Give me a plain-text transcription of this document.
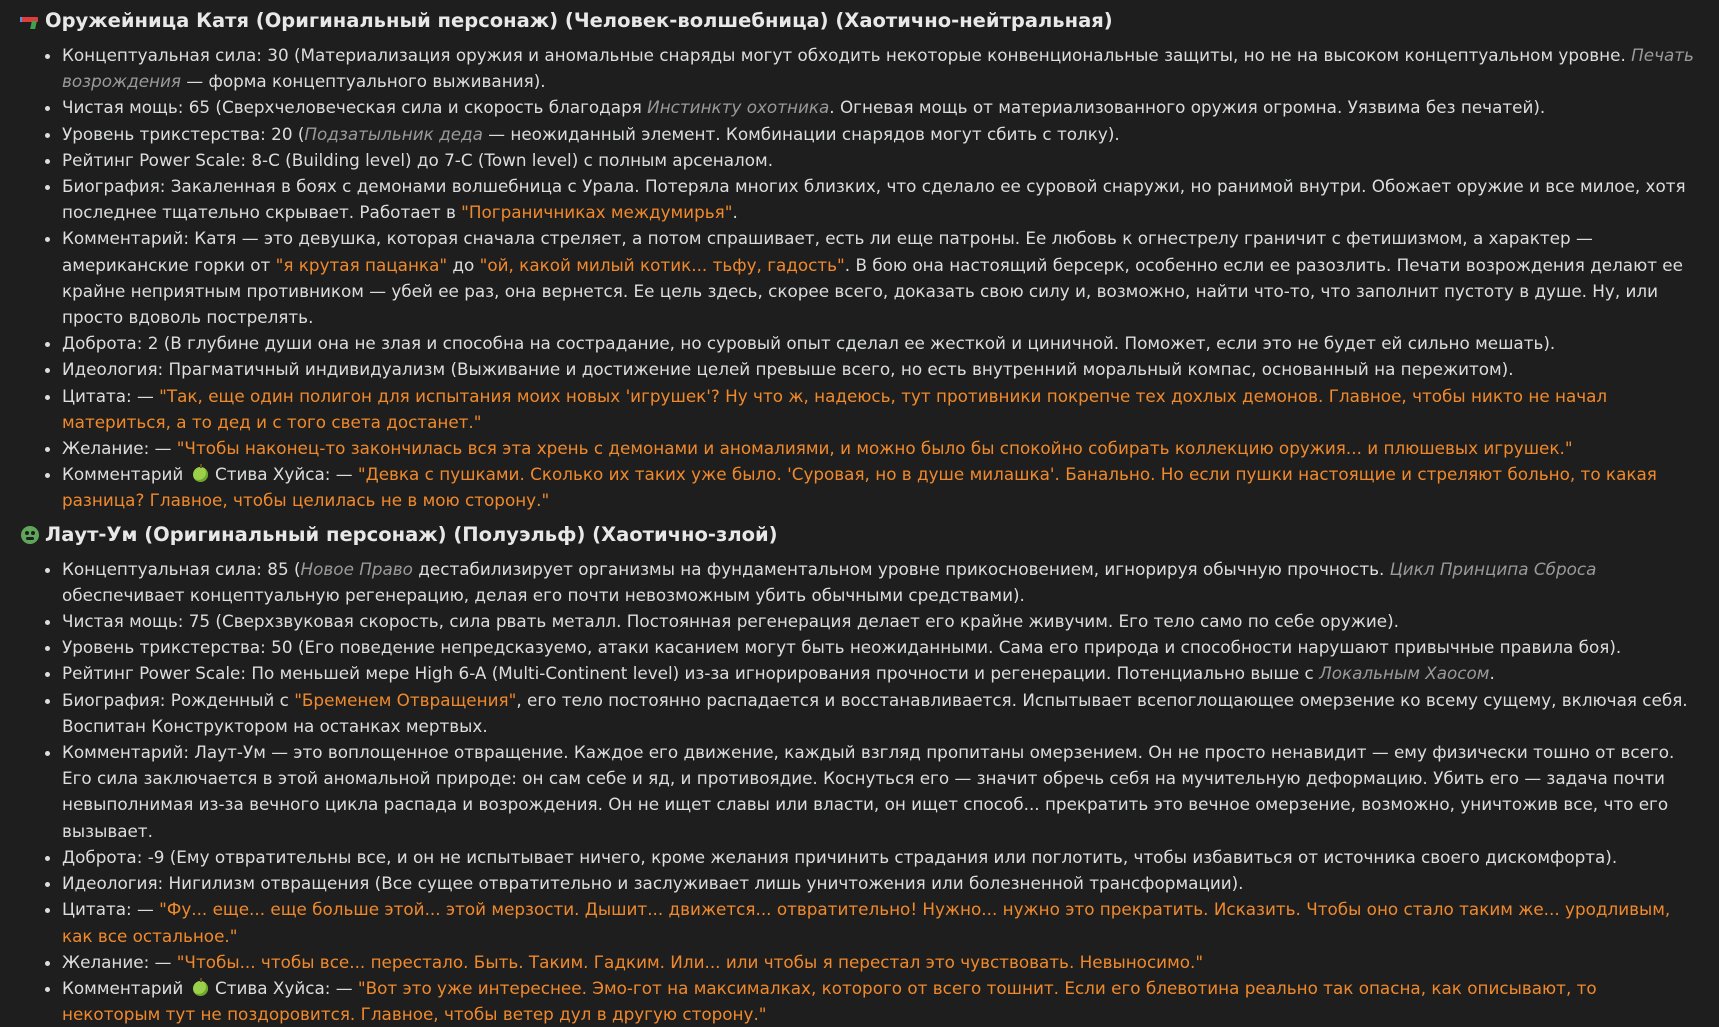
Оружейница Катя (Оригинальный персонаж) (Человек-волшебница) (Хаотично-нейтральная)
• Концептуальная сила: 30 (Материализация оружия и аномальные снаряды могут обходить некоторые конвенциональные защиты, но не на высоком концептуальном уровне. Печать возрождения — форма концептуального выживания).
• Чистая мощь: 65 (Сверхчеловеческая сила и скорость благодаря Инстинкту охотника. Огневая мощь от материализованного оружия огромна. Уязвима без печатей).
• Уровень трикстерства: 20 (Подзатыльник деда — неожиданный элемент. Комбинации снарядов могут сбить с толку).
• Рейтинг Power Scale: 8-C (Building level) до 7-C (Town level) с полным арсеналом.
• Биография: Закаленная в боях с демонами волшебница с Урала. Потеряла многих близких, что сделало ее суровой снаружи, но ранимой внутри. Обожает оружие и все милое, хотя последнее тщательно скрывает. Работает в "Пограничниках междумирья".
• Комментарий: Катя — это девушка, которая сначала стреляет, а потом спрашивает, есть ли еще патроны. Ее любовь к огнестрелу граничит с фетишизмом, а характер — американские горки от "я крутая пацанка" до "ой, какой милый котик... тьфу, гадость". В бою она настоящий берсерк, особенно если ее разозлить. Печати возрождения делают ее крайне неприятным противником — убей ее раз, она вернется. Ее цель здесь, скорее всего, доказать свою силу и, возможно, найти что-то, что заполнит пустоту в душе. Ну, или просто вдоволь пострелять.
• Доброта: 2 (В глубине души она не злая и способна на сострадание, но суровый опыт сделал ее жесткой и циничной. Поможет, если это не будет ей сильно мешать).
• Идеология: Прагматичный индивидуализм (Выживание и достижение целей превыше всего, но есть внутренний моральный компас, основанный на пережитом).
• Цитата: — "Так, еще один полигон для испытания моих новых 'игрушек'? Ну что ж, надеюсь, тут противники покрепче тех дохлых демонов. Главное, чтобы никто не начал материться, а то дед и с того света достанет."
• Желание: — "Чтобы наконец-то закончилась вся эта хрень с демонами и аномалиями, и можно было бы спокойно собирать коллекцию оружия... и плюшевых игрушек."
• Комментарий  Стива Хуйса: — "Девка с пушками. Сколько их таких уже было. 'Суровая, но в душе милашка'. Банально. Но если пушки настоящие и стреляют больно, то какая разница? Главное, чтобы целилась не в мою сторону."
Лаут-Ум (Оригинальный персонаж) (Полуэльф) (Хаотично-злой)
• Концептуальная сила: 85 (Новое Право дестабилизирует организмы на фундаментальном уровне прикосновением, игнорируя обычную прочность. Цикл Принципа Сброса обеспечивает концептуальную регенерацию, делая его почти невозможным убить обычными средствами).
• Чистая мощь: 75 (Сверхзвуковая скорость, сила рвать металл. Постоянная регенерация делает его крайне живучим. Его тело само по себе оружие).
• Уровень трикстерства: 50 (Его поведение непредсказуемо, атаки касанием могут быть неожиданными. Сама его природа и способности нарушают привычные правила боя).
• Рейтинг Power Scale: По меньшей мере High 6-A (Multi-Continent level) из-за игнорирования прочности и регенерации. Потенциально выше с Локальным Хаосом.
• Биография: Рожденный с "Бременем Отвращения", его тело постоянно распадается и восстанавливается. Испытывает всепоглощающее омерзение ко всему сущему, включая себя. Воспитан Конструктором на останках мертвых.
• Комментарий: Лаут-Ум — это воплощенное отвращение. Каждое его движение, каждый взгляд пропитаны омерзением. Он не просто ненавидит — ему физически тошно от всего. Его сила заключается в этой аномальной природе: он сам себе и яд, и противоядие. Коснуться его — значит обречь себя на мучительную деформацию. Убить его — задача почти невыполнимая из-за вечного цикла распада и возрождения. Он не ищет славы или власти, он ищет способ... прекратить это вечное омерзение, возможно, уничтожив все, что его вызывает.
• Доброта: -9 (Ему отвратительны все, и он не испытывает ничего, кроме желания причинить страдания или поглотить, чтобы избавиться от источника своего дискомфорта).
• Идеология: Нигилизм отвращения (Все сущее отвратительно и заслуживает лишь уничтожения или болезненной трансформации).
• Цитата: — "Фу... еще... еще больше этой... этой мерзости. Дышит... движется... отвратительно! Нужно... нужно это прекратить. Исказить. Чтобы оно стало таким же... уродливым, как все остальное."
• Желание: — "Чтобы... чтобы все... перестало. Быть. Таким. Гадким. Или... или чтобы я перестал это чувствовать. Невыносимо."
• Комментарий  Стива Хуйса: — "Вот это уже интереснее. Эмо-гот на максималках, которого от всего тошнит. Если его блевотина реально так опасна, как описывают, то некоторым тут не поздоровится. Главное, чтобы ветер дул в другую сторону."
